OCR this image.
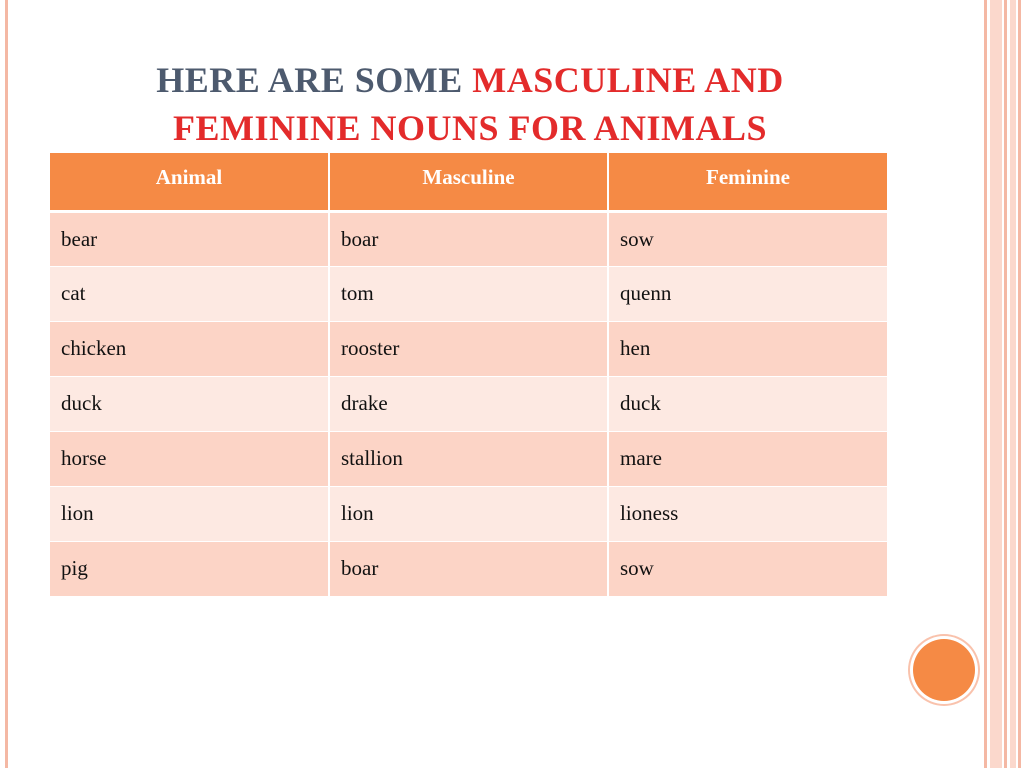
HERE ARE SOME MASCULINE AND
FEMININE NOUNS FOR ANIMALS
Animal	Masculine	Feminine
bear	boar	sow
cat	tom	quenn
chicken	rooster	hen
duck	drake	duck
horse	stallion	mare
lion	lion	lioness
pig	boar	sow
